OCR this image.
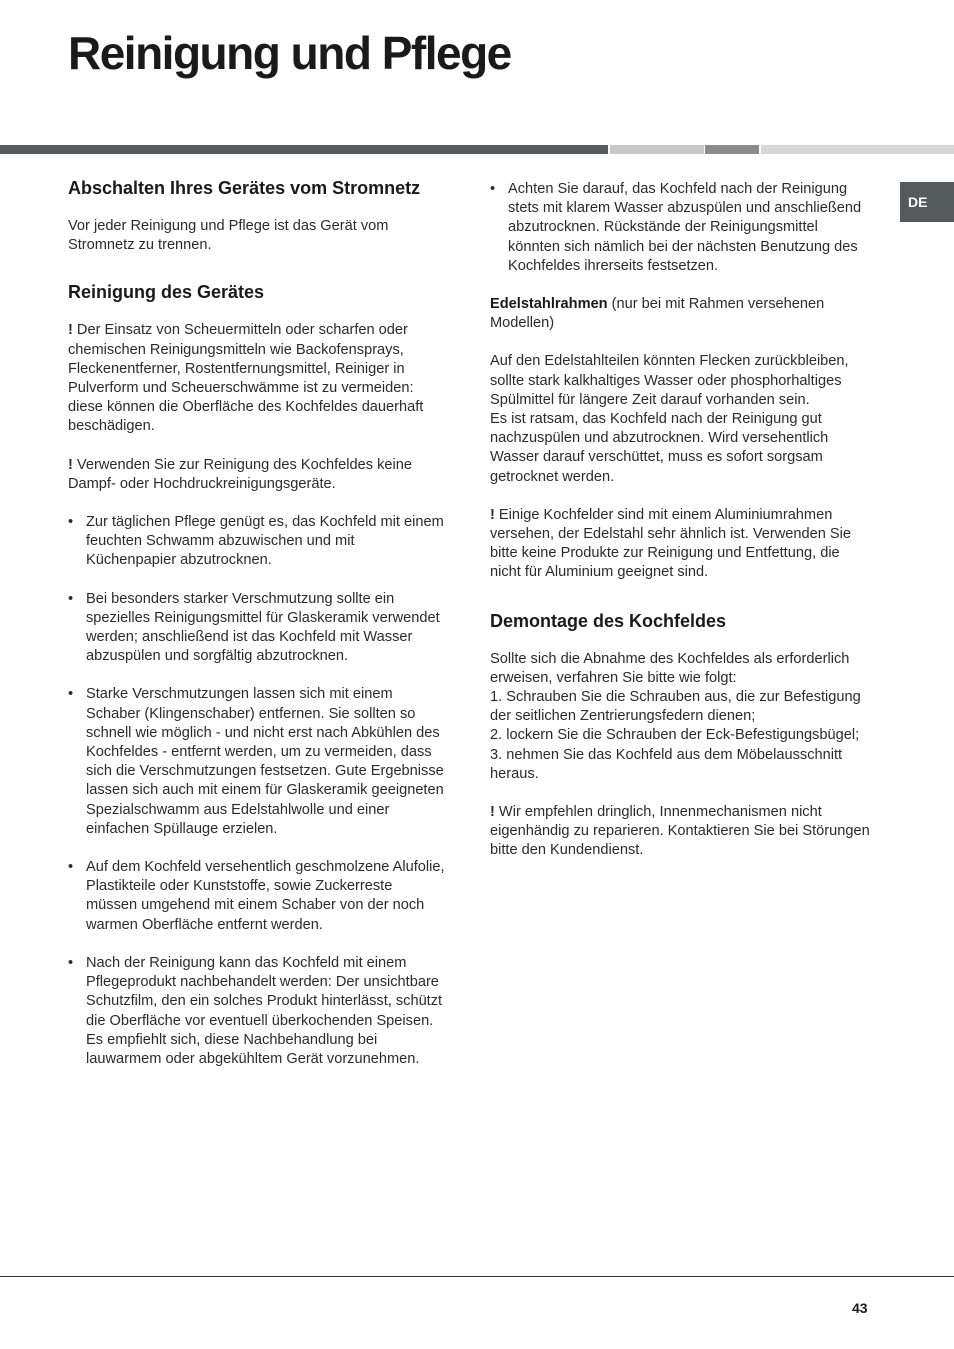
Reinigung und Pflege
DE
Abschalten Ihres Gerätes vom Stromnetz

Vor jeder Reinigung und Pflege ist das Gerät vom Stromnetz zu trennen.

Reinigung des Gerätes

! Der Einsatz von Scheuermitteln oder scharfen oder chemischen Reinigungsmitteln wie Backofensprays, Fleckenentferner, Rostentfernungsmittel, Reiniger in Pulverform und Scheuerschwämme ist zu vermeiden: diese können die Oberfläche des Kochfeldes dauerhaft beschädigen.

! Verwenden Sie zur Reinigung des Kochfeldes keine Dampf- oder Hochdruckreinigungsgeräte.

• Zur täglichen Pflege genügt es, das Kochfeld mit einem feuchten Schwamm abzuwischen und mit Küchenpapier abzutrocknen.
• Bei besonders starker Verschmutzung sollte ein spezielles Reinigungsmittel für Glaskeramik verwendet werden; anschließend ist das Kochfeld mit Wasser abzuspülen und sorgfältig abzutrocknen.
• Starke Verschmutzungen lassen sich mit einem Schaber (Klingenschaber) entfernen. Sie sollten so schnell wie möglich - und nicht erst nach Abkühlen des Kochfeldes - entfernt werden, um zu vermeiden, dass sich die Verschmutzungen festsetzen. Gute Ergebnisse lassen sich auch mit einem für Glaskeramik geeigneten Spezialschwamm aus Edelstahlwolle und einer einfachen Spüllauge erzielen.
• Auf dem Kochfeld versehentlich geschmolzene Alufolie, Plastikteile oder Kunststoffe, sowie Zuckerreste müssen umgehend mit einem Schaber von der noch warmen Oberfläche entfernt werden.
• Nach der Reinigung kann das Kochfeld mit einem Pflegeprodukt nachbehandelt werden: Der unsichtbare Schutzfilm, den ein solches Produkt hinterlässt, schützt die Oberfläche vor eventuell überkochenden Speisen. Es empfiehlt sich, diese Nachbehandlung bei lauwarmem oder abgekühltem Gerät vorzunehmen.
• Achten Sie darauf, das Kochfeld nach der Reinigung stets mit klarem Wasser abzuspülen und anschließend abzutrocknen. Rückstände der Reinigungsmittel könnten sich nämlich bei der nächsten Benutzung des Kochfeldes ihrerseits festsetzen.

Edelstahlrahmen (nur bei mit Rahmen versehenen Modellen)

Auf den Edelstahlteilen könnten Flecken zurückbleiben, sollte stark kalkhaltiges Wasser oder phosphorhaltiges Spülmittel für längere Zeit darauf vorhanden sein.

Es ist ratsam, das Kochfeld nach der Reinigung gut nachzuspülen und abzutrocknen. Wird versehentlich Wasser darauf verschüttet, muss es sofort sorgsam getrocknet werden.

! Einige Kochfelder sind mit einem Aluminiumrahmen versehen, der Edelstahl sehr ähnlich ist. Verwenden Sie bitte keine Produkte zur Reinigung und Entfettung, die nicht für Aluminium geeignet sind.

Demontage des Kochfeldes

Sollte sich die Abnahme des Kochfeldes als erforderlich erweisen, verfahren Sie bitte wie folgt:

1. Schrauben Sie die Schrauben aus, die zur Befestigung der seitlichen Zentrierungsfedern dienen;

2. lockern Sie die Schrauben der Eck-Befestigungsbügel;

3. nehmen Sie das Kochfeld aus dem Möbelausschnitt heraus.

! Wir empfehlen dringlich, Innenmechanismen nicht eigenhändig zu reparieren. Kontaktieren Sie bei Störungen bitte den Kundendienst.

43
